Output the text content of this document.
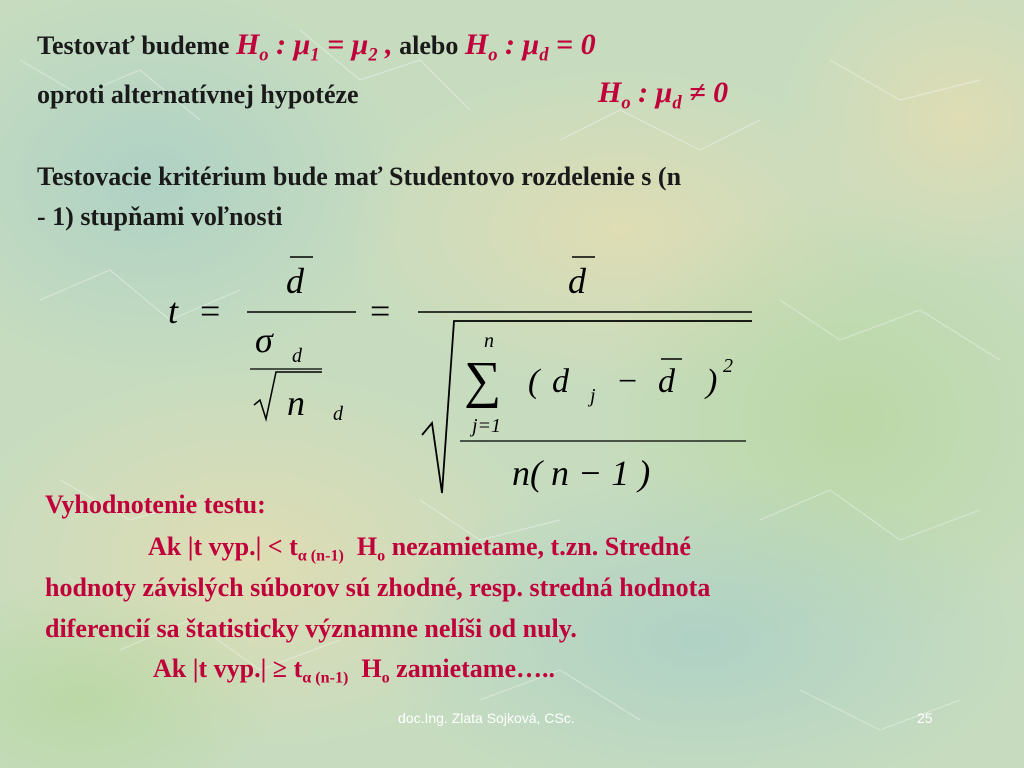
Testovať budeme $H_o$ : $\mu_1 = \mu_2$ , alebo $H_o$ : $\mu_d = 0$
oproti alternatívnej hypotéze	$H_o$ : $\mu_d \ne 0$
Testovacie kritérium bude mať Studentovo rozdelenie s (n
- 1) stupňami voľnosti
t =
d
σ d
n d
=
d
n
∑
j=1
( d j − d ) 2
n( n − 1 )
Vyhodnotenie testu:
Ak |t $vyp.| < t_\alpha$ $_{(n-1)}$ $H_o$ nezamietame, t.zn. Stredné
hodnoty závislých súborov sú zhodné, resp. stredná hodnota
diferencií sa štatisticky významne nelíši od nuly.
Ak |t $vyp.| \ge t_\alpha$ $_{(n-1)}$ $H_o$ zamietame…..
doc.Ing. Zlata Sojková, CSc.	25
